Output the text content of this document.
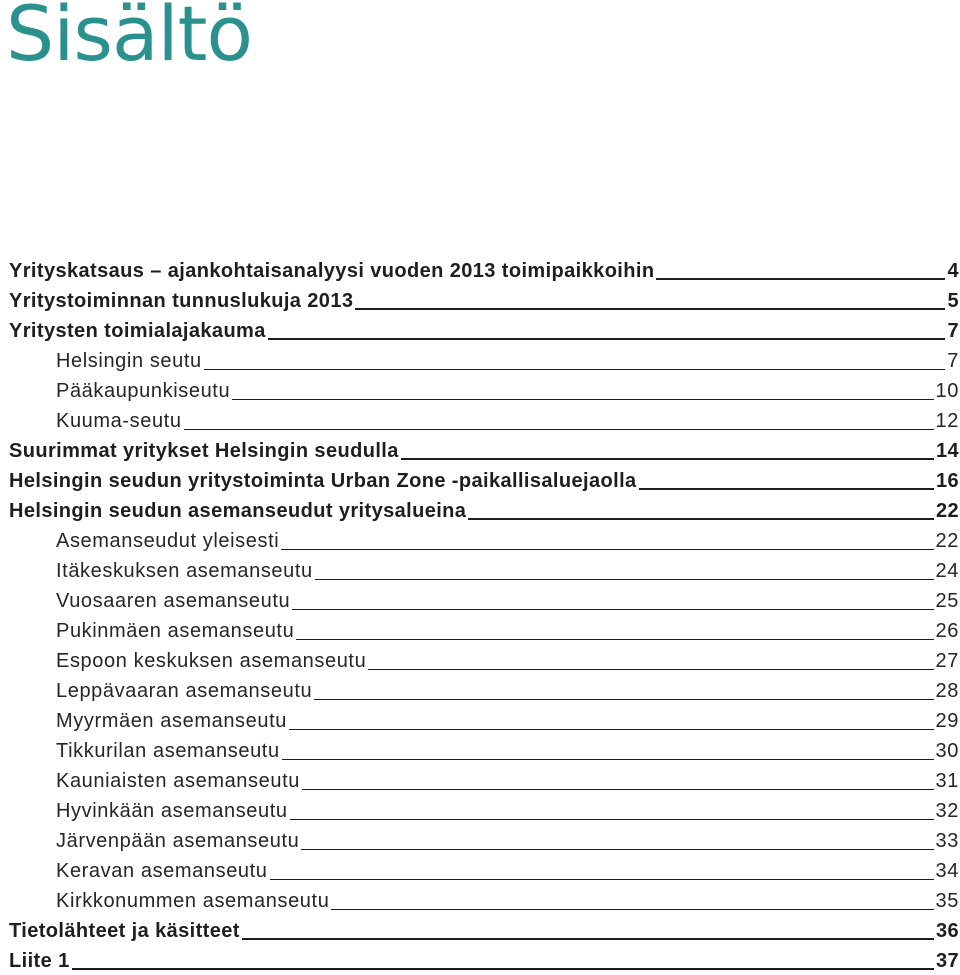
Sisältö
Yrityskatsaus – ajankohtaisanalyysi vuoden 2013 toimipaikkoihin	4
Yritystoiminnan tunnuslukuja 2013	5
Yritysten toimialajakauma	7
Helsingin seutu	7
Pääkaupunkiseutu	10
Kuuma-seutu	12
Suurimmat yritykset Helsingin seudulla	14
Helsingin seudun yritystoiminta Urban Zone -paikallisaluejaolla	16
Helsingin seudun asemanseudut yritysalueina	22
Asemanseudut yleisesti	22
Itäkeskuksen asemanseutu	24
Vuosaaren asemanseutu	25
Pukinmäen asemanseutu	26
Espoon keskuksen asemanseutu	27
Leppävaaran asemanseutu	28
Myyrmäen asemanseutu	29
Tikkurilan asemanseutu	30
Kauniaisten asemanseutu	31
Hyvinkään asemanseutu	32
Järvenpään asemanseutu	33
Keravan asemanseutu	34
Kirkkonummen asemanseutu	35
Tietolähteet ja käsitteet	36
Liite 1	37
